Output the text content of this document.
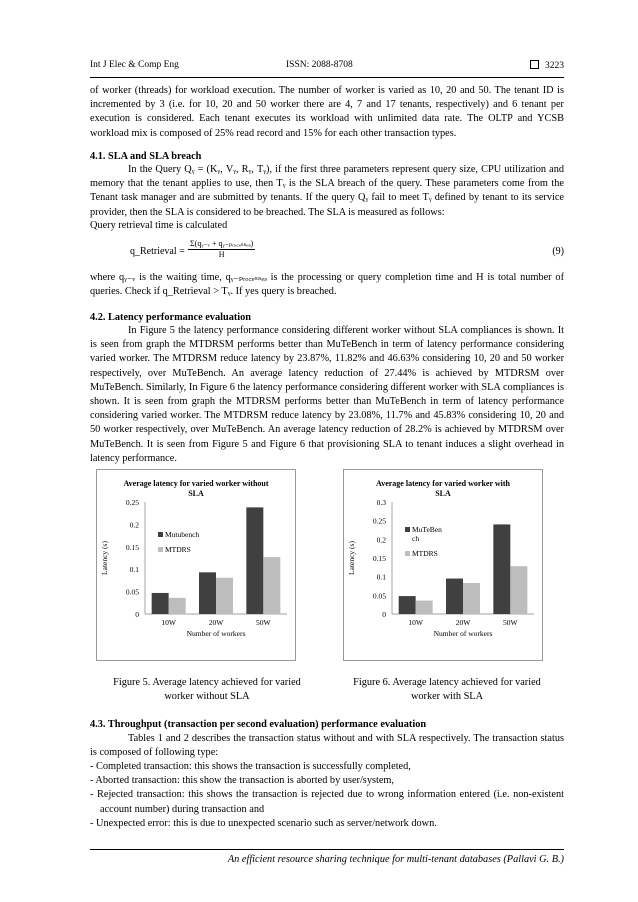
Int J Elec & Comp Eng	ISSN: 2088-8708	3223

of worker (threads) for workload execution. The number of worker is varied as 10, 20 and 50. The tenant ID is incremented by 3 (i.e. for 10, 20 and 50 worker there are 4, 7 and 17 tenants, respectively) and 6 tenant per execution is considered. Each tenant executes its workload with unlimited data rate. The OLTP and YCSB workload mix is composed of 25% read record and 15% for each other transaction types.

4.1. SLA and SLA breach

In the Query Qᵧ = (Kᵧ, Vᵧ, Rᵧ, Tᵧ), if the first three parameters represent query size, CPU utilization and memory that the tenant applies to use, then Tᵧ is the SLA breach of the query. These parameters come from the Tenant task manager and are submitted by tenants. If the query Qᵧ fail to meet Tᵧ defined by tenant to its service provider, then the SLA is considered to be breached. The SLA is measured as follows:

Query retrieval time is calculated

q_Retrieval =
Σ(qᵧ₋ᵥ + qᵧ₋ₚᵣₒ꜀ₑₛₛₑₔ)
H	(9)

where qᵧ₋ᵥ is the waiting time, qᵧ₋ₚᵣₒ꜀ₑₛₛₑₔ is the processing or query completion time and H is total number of queries. Check if q_Retrieval > Tᵧ. If yes query is breached.

4.2. Latency performance evaluation

In Figure 5 the latency performance considering different worker without SLA compliances is shown. It is seen from graph the MTDRSM performs better than MuTeBench in term of latency performance considering varied worker. The MTDRSM reduce latency by 23.87%, 11.82% and 46.63% considering 10, 20 and 50 worker respectively, over MuTeBench. An average latency reduction of 27.44% is achieved by MTDRSM over MuTeBench. Similarly, In Figure 6 the latency performance considering different worker with SLA compliances is shown. It is seen from graph the MTDRSM performs better than MuTeBench in term of latency performance considering varied worker. The MTDRSM reduce latency by 23.08%, 11.7% and 45.83% considering 10, 20 and 50 worker respectively, over MuTeBench. An average latency reduction of 28.2% is achieved by MTDRSM over MuTeBench. It is seen from Figure 5 and Figure 6 that provisioning SLA to tenant induces a slight overhead in latency performance.

Average latency for varied worker without
SLA
0
0.05
0.1
0.15
0.2
0.25
Latency (s)
10W	20W	50W
Number of workers
Mutubench
MTDRS
Figure 5. Average latency achieved for varied worker without SLA
Average latency for varied worker with
SLA
0
0.05
0.1
0.15
0.2
0.25
0.3
Latency (s)
10W	20W	50W
Number of workers
MuTeBen
ch
MTDRS
Figure 6. Average latency achieved for varied worker with SLA

4.3. Throughput (transaction per second evaluation) performance evaluation

Tables 1 and 2 describes the transaction status without and with SLA respectively. The transaction status is composed of following type:

- Completed transaction: this shows the transaction is successfully completed,
- Aborted transaction: this show the transaction is aborted by user/system,
- Rejected transaction: this shows the transaction is rejected due to wrong information entered (i.e. non-existent account number) during transaction and
- Unexpected error: this is due to unexpected scenario such as server/network down.
An efficient resource sharing technique for multi-tenant databases (Pallavi G. B.)
